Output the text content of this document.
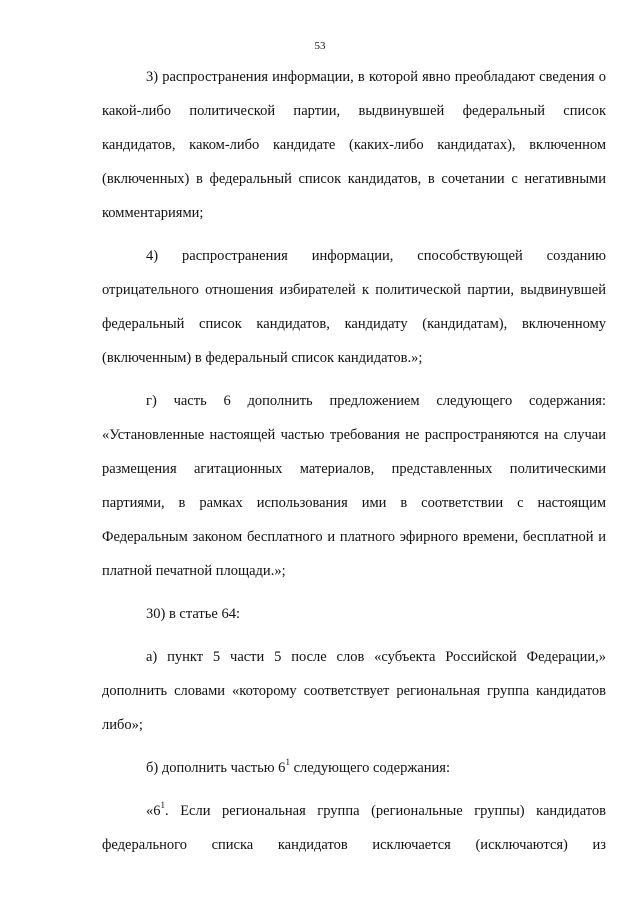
53

3) распространения информации, в которой явно преобладают сведения о какой-либо политической партии, выдвинувшей федеральный список кандидатов, каком-либо кандидате (каких-либо кандидатах), включенном (включенных) в федеральный список кандидатов, в сочетании с негативными комментариями;

4) распространения информации, способствующей созданию отрицательного отношения избирателей к политической партии, выдвинувшей федеральный список кандидатов, кандидату (кандидатам), включенному (включенным) в федеральный список кандидатов.»;

г) часть 6 дополнить предложением следующего содержания: «Установленные настоящей частью требования не распространяются на случаи размещения агитационных материалов, представленных политическими партиями, в рамках использования ими в соответствии с настоящим Федеральным законом бесплатного и платного эфирного времени, бесплатной и платной печатной площади.»;

30) в статье 64:

а) пункт 5 части 5 после слов «субъекта Российской Федерации,» дополнить словами «которому соответствует региональная группа кандидатов либо»;

б) дополнить частью $6^1$ следующего содержания:

«$6^1$. Если региональная группа (региональные группы) кандидатов федерального списка кандидатов исключается (исключаются) из
